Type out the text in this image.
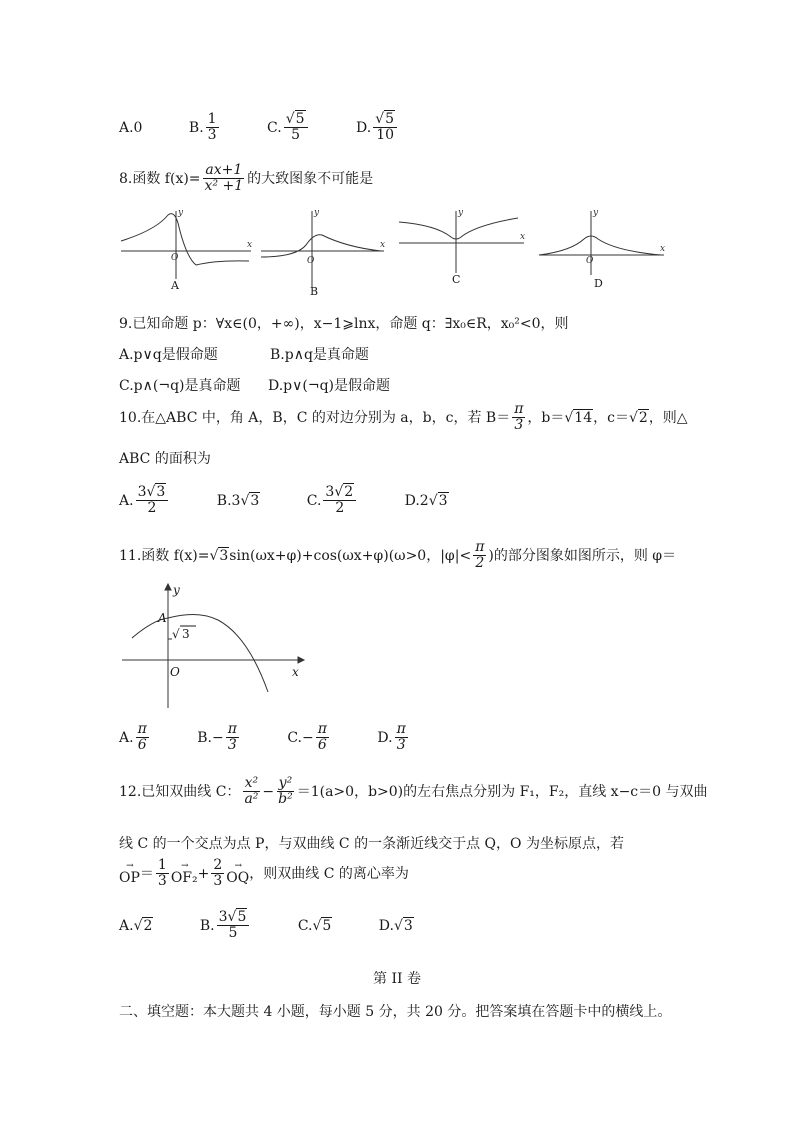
A.0	B. $\frac{1}{3}$	C. $\frac{√5}{5}$	D. $\frac{√5}{10}$
8.函数 $f(x)= \frac{ax+1}{\text{x² +1}}$ 的大致图象不可能是
O	O	O
x
y
x
y
x
y
x
y
A	B
C	D
9.已知命题 p：∀x∈(0，+∞)，x−1⩾lnx，命题 q：∃x₀∈R，x₀²<0，则
A.p∨q是假命题	B.p∧q是真命题
C.p∧(¬q)是真命题 D.p∨(¬q)是假命题
10.在△ABC 中，角 A，B，C 的对边分别为 a，b，c，若 $B= \frac{\pi}{3}$ ，b＝√14，c＝√2，则△
ABC 的面积为
A. $\frac{3√3}{2}$	B.3√3	C. $\frac{3√2}{2}$	D.2√3
11.函数 f(x)=√3sin(ωx+φ)+cos(ωx+φ)(ω>0，$|\varphi|< \frac{\pi}{2}$ )的部分图象如图所示，则 φ＝
y
x
O
A
√ 3
A. $\frac{\pi}{6}$	$B.- \frac{\pi}{3}$	$C.- \frac{\pi}{6}$	D. $\frac{\pi}{3}$
12.已知双曲线 C： $\frac{\text{x²}}{\text{a²}} - \frac{\text{y²}}{\text{b²}} =1(a>0$，b>0)的左右焦点分别为 F₁，F₂，直线 x−c＝0 与双曲
线 C 的一个交点为点 P，与双曲线 C 的一条渐近线交于点 Q，O 为坐标原点，若
→
OP ＝ $\frac{1}{3}$ →
$OF_2 + \frac{2}{3}$ →
OQ ，则双曲线 C 的离心率为
A.√2	B. $\frac{3√5}{5}$	C.√5	D.√3
第 II 卷
二、填空题：本大题共 4 小题，每小题 5 分，共 20 分。把答案填在答题卡中的横线上。
